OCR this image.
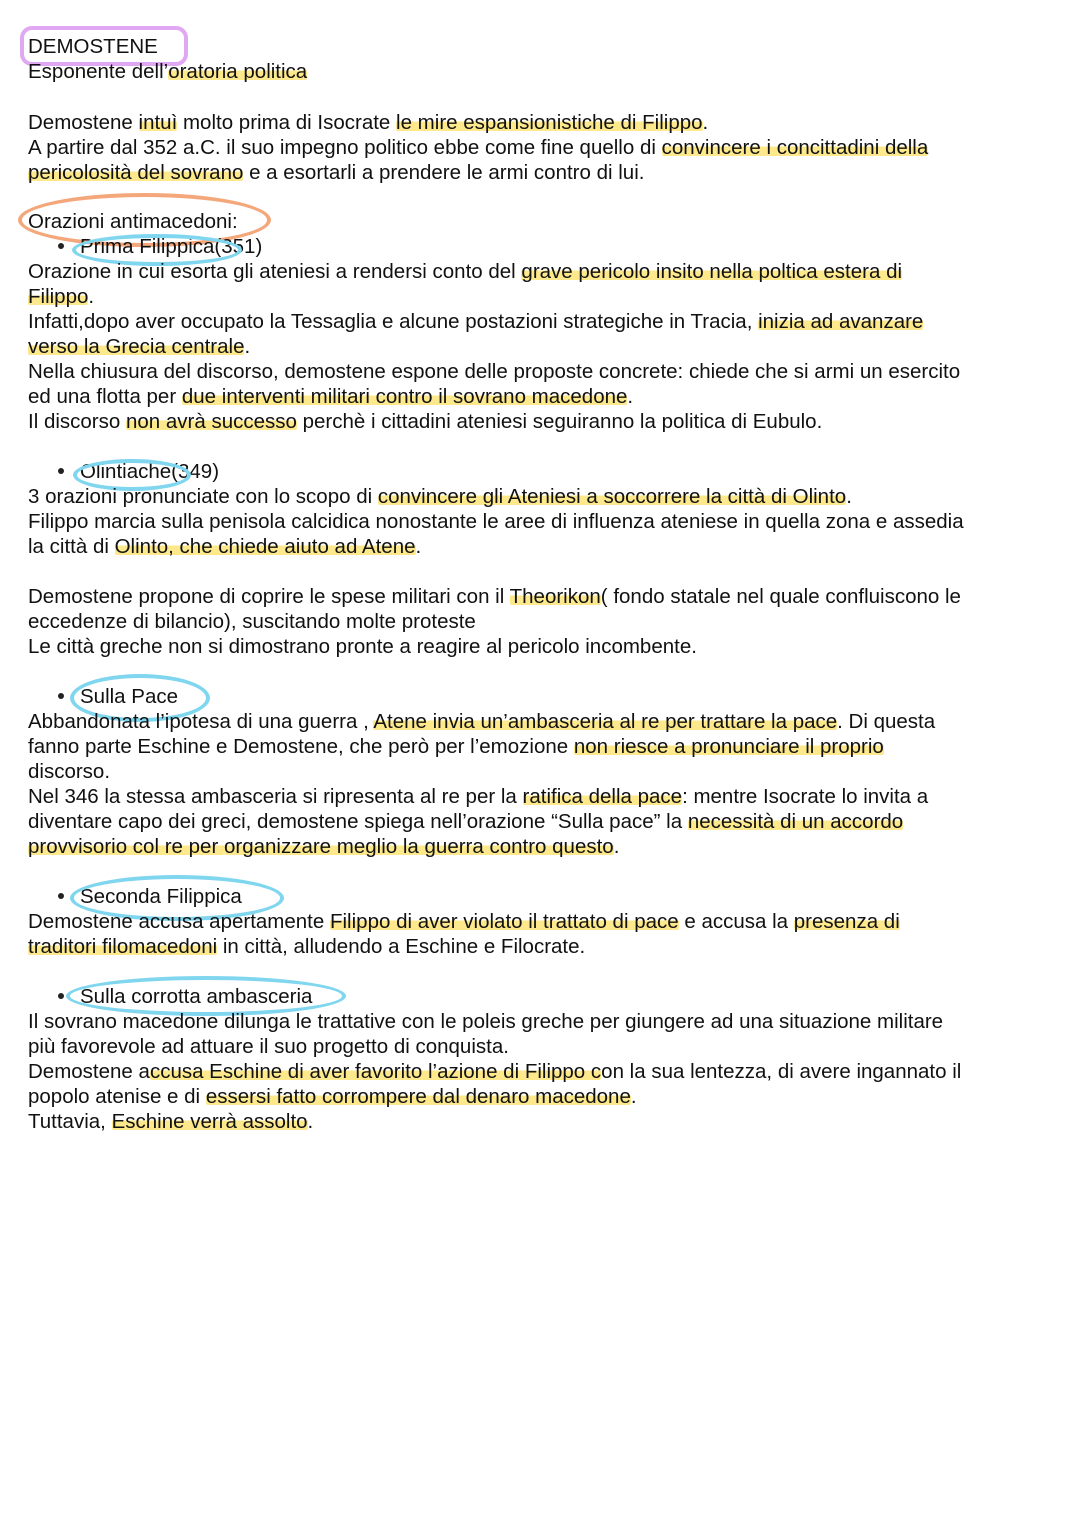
DEMOSTENE
Esponente dell’oratoria politica
Demostene intuì molto prima di Isocrate le mire espansionistiche di Filippo.
A partire dal 352 a.C. il suo impegno politico ebbe come fine quello di convincere i concittadini della
pericolosità del sovrano e a esortarli a prendere le armi contro di lui.
Orazioni antimacedoni:
Prima Filippica(351)
Orazione in cui esorta gli ateniesi a rendersi conto del grave pericolo insito nella poltica estera di
Filippo.
Infatti,dopo aver occupato la Tessaglia e alcune postazioni strategiche in Tracia, inizia ad avanzare
verso la Grecia centrale.
Nella chiusura del discorso, demostene espone delle proposte concrete: chiede che si armi un esercito
ed una flotta per due interventi militari contro il sovrano macedone.
Il discorso non avrà successo perchè i cittadini ateniesi seguiranno la politica di Eubulo.
Olintiache(349)
3 orazioni pronunciate con lo scopo di convincere gli Ateniesi a soccorrere la città di Olinto.
Filippo marcia sulla penisola calcidica nonostante le aree di influenza ateniese in quella zona e assedia
la città di Olinto, che chiede aiuto ad Atene.
Demostene propone di coprire le spese militari con il Theorikon( fondo statale nel quale confluiscono le
eccedenze di bilancio), suscitando molte proteste
Le città greche non si dimostrano pronte a reagire al pericolo incombente.
Sulla Pace
Abbandonata l’ipotesa di una guerra , Atene invia un’ambasceria al re per trattare la pace. Di questa
fanno parte Eschine e Demostene, che però per l’emozione non riesce a pronunciare il proprio
discorso.
Nel 346 la stessa ambasceria si ripresenta al re per la ratifica della pace: mentre Isocrate lo invita a
diventare capo dei greci, demostene spiega nell’orazione “Sulla pace” la necessità di un accordo
provvisorio col re per organizzare meglio la guerra contro questo.
Seconda Filippica
Demostene accusa apertamente Filippo di aver violato il trattato di pace e accusa la presenza di
traditori filomacedoni in città, alludendo a Eschine e Filocrate.
Sulla corrotta ambasceria
Il sovrano macedone dilunga le trattative con le poleis greche per giungere ad una situazione militare
più favorevole ad attuare il suo progetto di conquista.
Demostene accusa Eschine di aver favorito l’azione di Filippo con la sua lentezza, di avere ingannato il
popolo atenise e di essersi fatto corrompere dal denaro macedone.
Tuttavia, Eschine verrà assolto.
